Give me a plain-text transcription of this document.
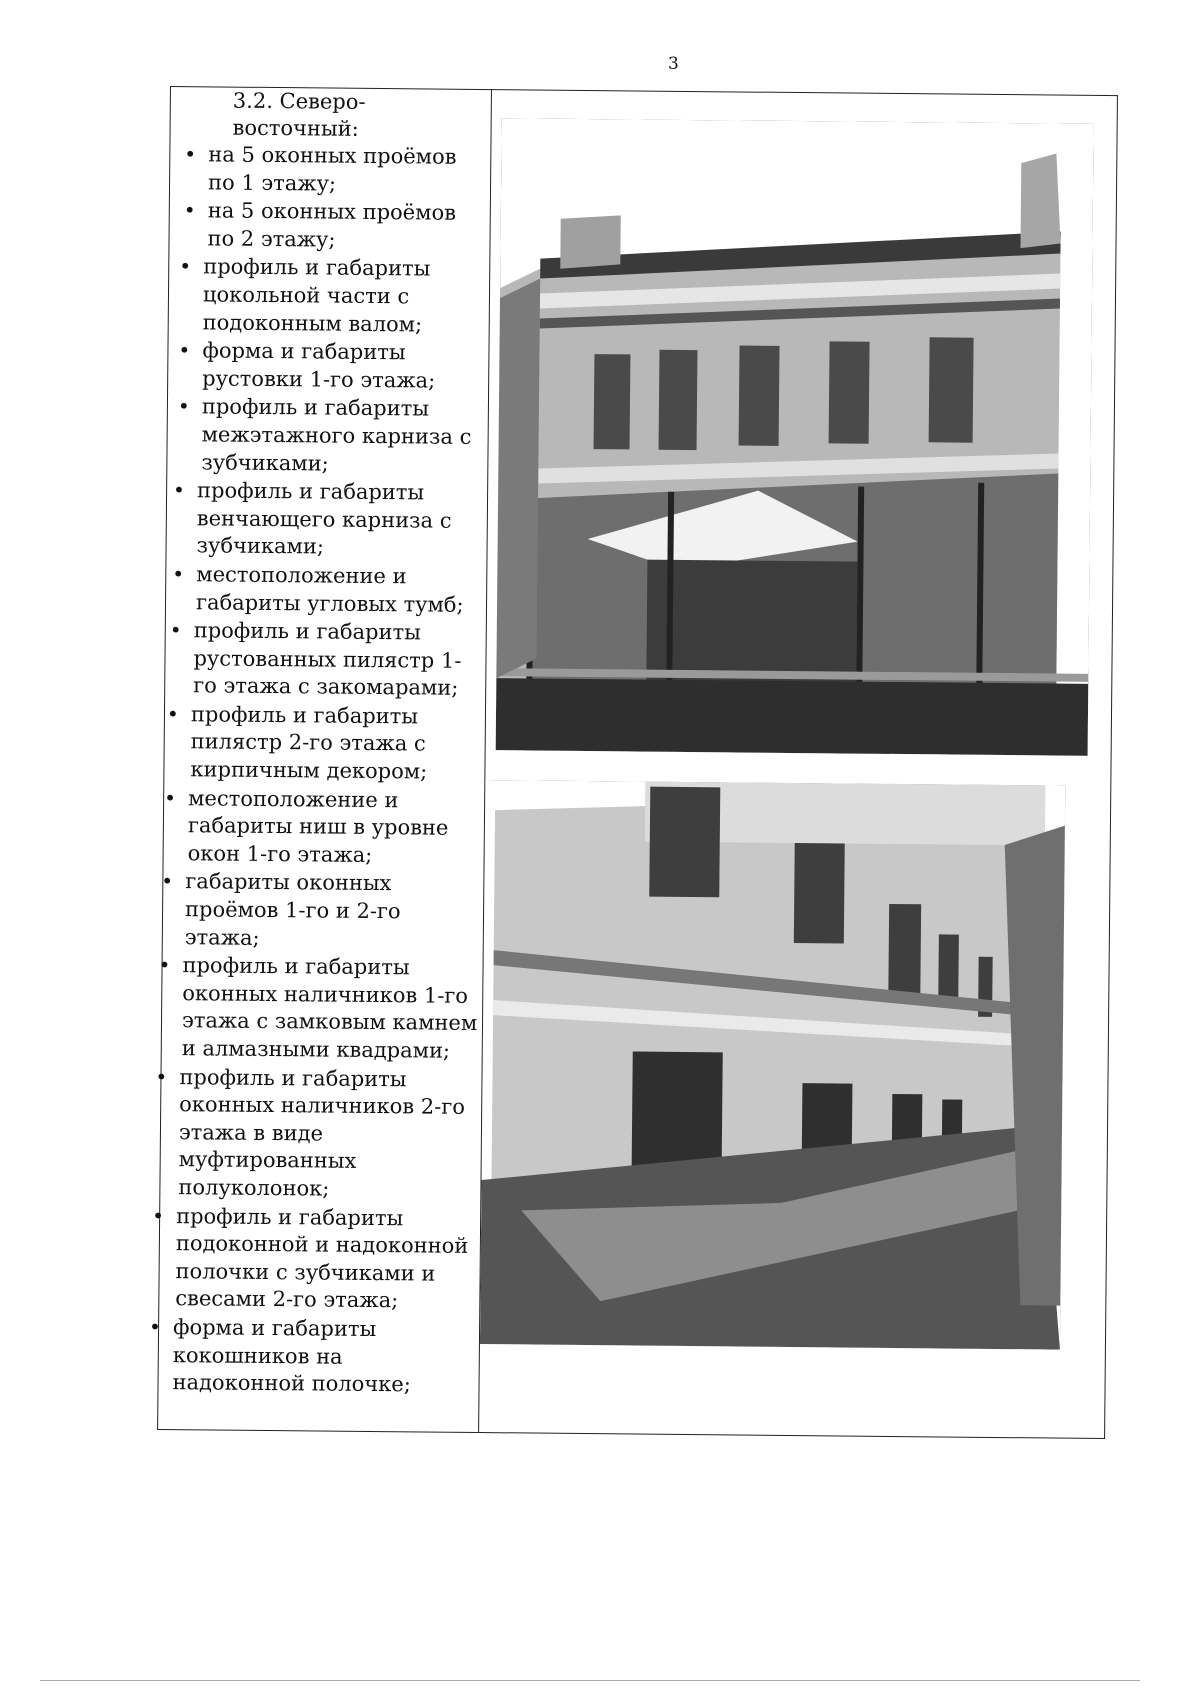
3

3.2. Северо-восточный:

• на 5 оконных проёмов по 1 этажу;
• на 5 оконных проёмов по 2 этажу;
• профиль и габариты цокольной части с подоконным валом;
• форма и габариты рустовки 1-го этажа;
• профиль и габариты межэтажного карниза с зубчиками;
• профиль и габариты венчающего карниза с зубчиками;
• местоположение и габариты угловых тумб;
• профиль и габариты рустованных пилястр 1-го этажа с закомарами;
• профиль и габариты пилястр 2-го этажа с кирпичным декором;
• местоположение и габариты ниш в уровне окон 1-го этажа;
• габариты оконных проёмов 1-го и 2-го этажа;
• профиль и габариты оконных наличников 1-го этажа с замковым камнем и алмазными квадрами;
• профиль и габариты оконных наличников 2-го этажа в виде муфтированных полуколонок;
• профиль и габариты подоконной и надоконной полочки с зубчиками и свесами 2-го этажа;
• форма и габариты кокошников на надоконной полочке;
